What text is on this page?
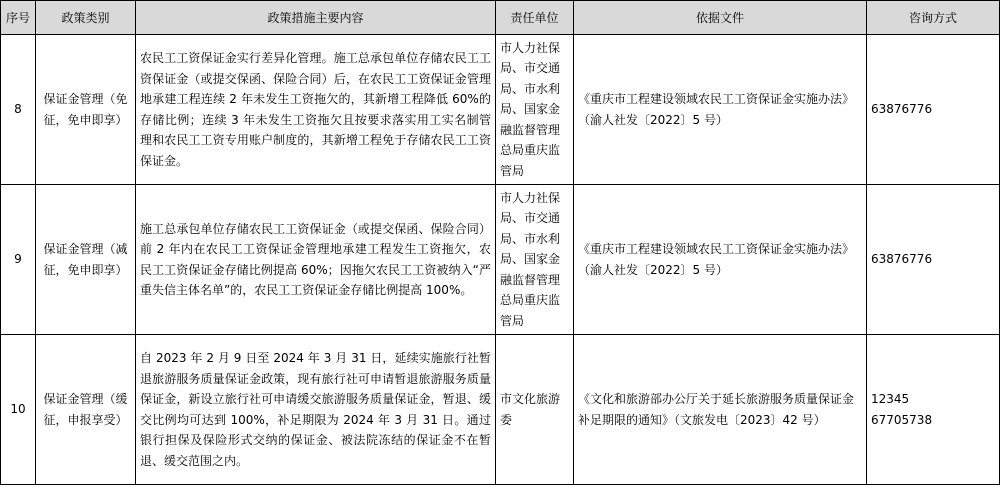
序号	政策类别	政策措施主要内容	责任单位	依据文件	咨询方式
8	保证金管理（免征，免申即享）	农民工工资保证金实行差异化管理。施工总承包单位存储农民工工资保证金（或提交保函、保险合同）后，在农民工工资保证金管理地承建工程连续 2 年未发生工资拖欠的，其新增工程降低 60%的存储比例；连续 3 年未发生工资拖欠且按要求落实用工实名制管理和农民工工资专用账户制度的，其新增工程免于存储农民工工资保证金。	市人力社保局、市交通局、市水利局、国家金融监督管理总局重庆监管局	《重庆市工程建设领域农民工工资保证金实施办法》（渝人社发〔2022〕5 号）	63876776

9	保证金管理（减征，免申即享）	施工总承包单位存储农民工工资保证金（或提交保函、保险合同）前 2 年内在农民工工资保证金管理地承建工程发生工资拖欠，农民工工资保证金存储比例提高 60%；因拖欠农民工工资被纳入“严重失信主体名单”的，农民工工资保证金存储比例提高 100%。	市人力社保局、市交通局、市水利局、国家金融监督管理总局重庆监管局	《重庆市工程建设领域农民工工资保证金实施办法》（渝人社发〔2022〕5 号）	63876776

10	保证金管理（缓征，申报享受）	自 2023 年 2 月 9 日至 2024 年 3 月 31 日，延续实施旅行社暂退旅游服务质量保证金政策，现有旅行社可申请暂退旅游服务质量保证金，新设立旅行社可申请缓交旅游服务质量保证金，暂退、缓交比例均可达到 100%，补足期限为 2024 年 3 月 31 日。通过银行担保及保险形式交纳的保证金、被法院冻结的保证金不在暂退、缓交范围之内。	市文化旅游委	《文化和旅游部办公厅关于延长旅游服务质量保证金补足期限的通知》（文旅发电〔2023〕42 号）	12345
67705738
